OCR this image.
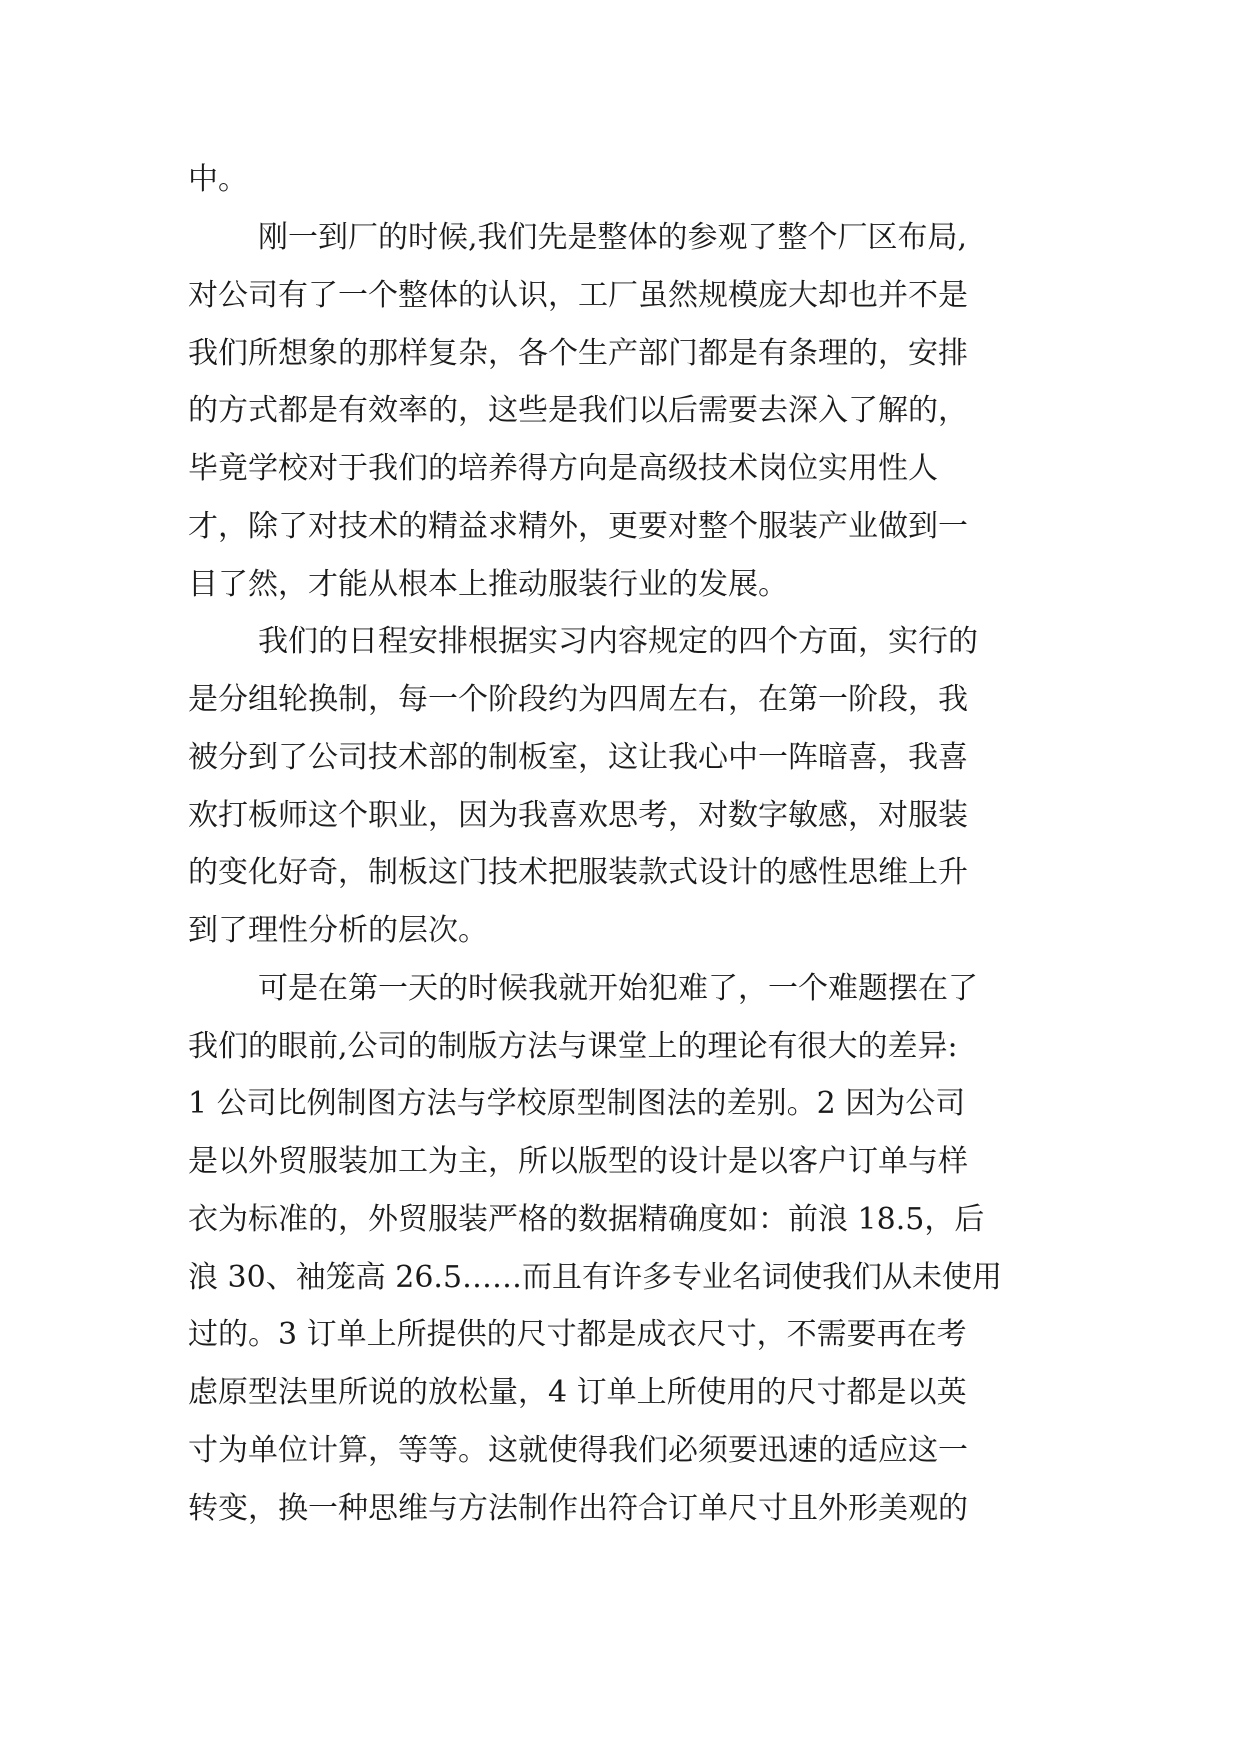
中。
刚一到厂的时候,我们先是整体的参观了整个厂区布局,
对公司有了一个整体的认识，工厂虽然规模庞大却也并不是
我们所想象的那样复杂，各个生产部门都是有条理的，安排
的方式都是有效率的，这些是我们以后需要去深入了解的，
毕竟学校对于我们的培养得方向是高级技术岗位实用性人
才，除了对技术的精益求精外，更要对整个服装产业做到一
目了然，才能从根本上推动服装行业的发展。
我们的日程安排根据实习内容规定的四个方面，实行的
是分组轮换制，每一个阶段约为四周左右，在第一阶段，我
被分到了公司技术部的制板室，这让我心中一阵暗喜，我喜
欢打板师这个职业，因为我喜欢思考，对数字敏感，对服装
的变化好奇，制板这门技术把服装款式设计的感性思维上升
到了理性分析的层次。
可是在第一天的时候我就开始犯难了，一个难题摆在了
我们的眼前,公司的制版方法与课堂上的理论有很大的差异:
1 公司比例制图方法与学校原型制图法的差别。2 因为公司
是以外贸服装加工为主，所以版型的设计是以客户订单与样
衣为标准的，外贸服装严格的数据精确度如：前浪 18.5，后
浪 30、袖笼高 26.5……而且有许多专业名词使我们从未使用
过的。3 订单上所提供的尺寸都是成衣尺寸，不需要再在考
虑原型法里所说的放松量，4 订单上所使用的尺寸都是以英
寸为单位计算，等等。这就使得我们必须要迅速的适应这一
转变，换一种思维与方法制作出符合订单尺寸且外形美观的
